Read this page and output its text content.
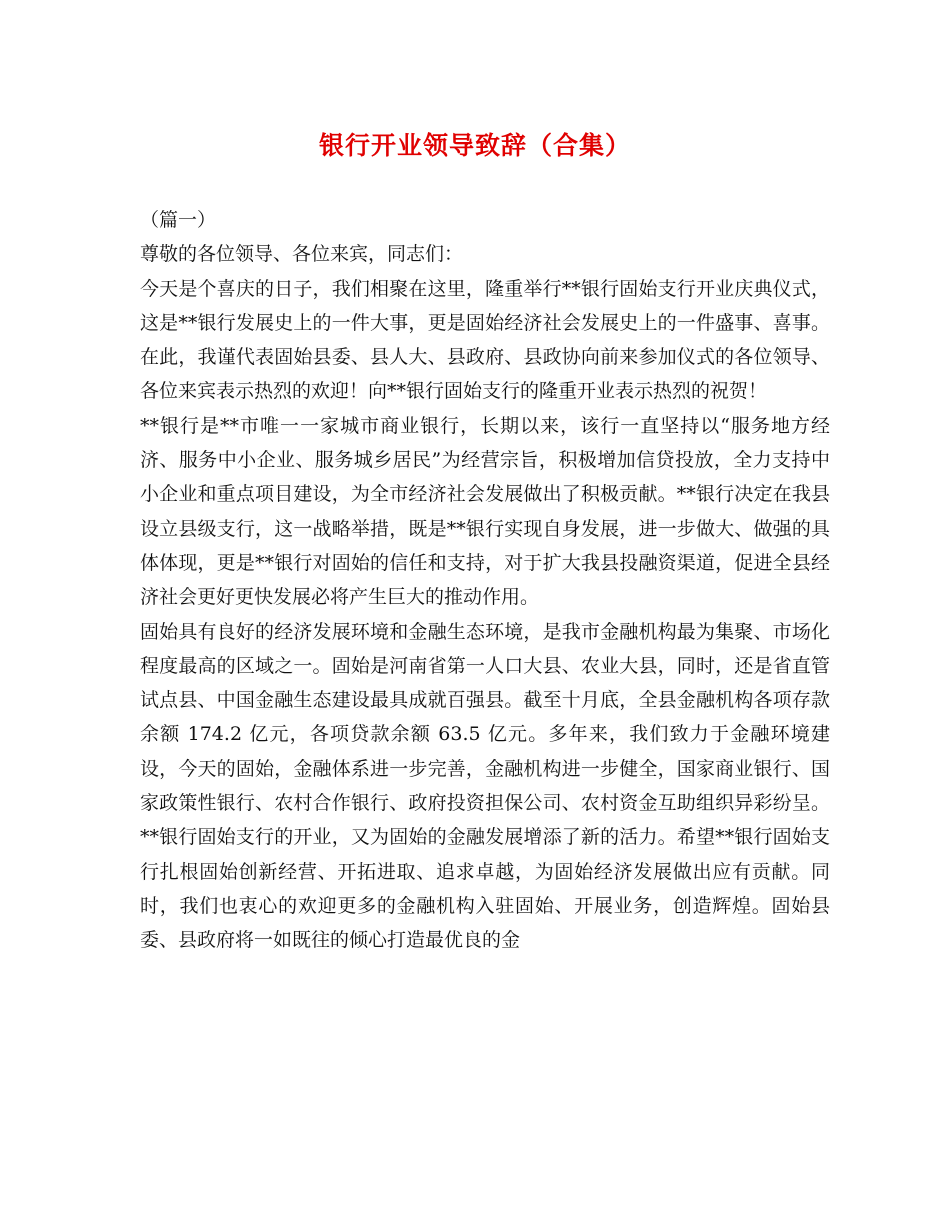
银行开业领导致辞（合集）

（篇一）

尊敬的各位领导、各位来宾，同志们：

今天是个喜庆的日子，我们相聚在这里，隆重举行**银行固始支行开业庆典仪式，这是**银行发展史上的一件大事，更是固始经济社会发展史上的一件盛事、喜事。在此，我谨代表固始县委、县人大、县政府、县政协向前来参加仪式的各位领导、各位来宾表示热烈的欢迎！向**银行固始支行的隆重开业表示热烈的祝贺！

**银行是**市唯一一家城市商业银行，长期以来，该行一直坚持以“服务地方经济、服务中小企业、服务城乡居民”为经营宗旨，积极增加信贷投放，全力支持中小企业和重点项目建设，为全市经济社会发展做出了积极贡献。**银行决定在我县设立县级支行，这一战略举措，既是**银行实现自身发展，进一步做大、做强的具体体现，更是**银行对固始的信任和支持，对于扩大我县投融资渠道，促进全县经济社会更好更快发展必将产生巨大的推动作用。

固始具有良好的经济发展环境和金融生态环境，是我市金融机构最为集聚、市场化程度最高的区域之一。固始是河南省第一人口大县、农业大县，同时，还是省直管试点县、中国金融生态建设最具成就百强县。截至十月底，全县金融机构各项存款余额 174.2 亿元，各项贷款余额 63.5 亿元。多年来，我们致力于金融环境建设，今天的固始，金融体系进一步完善，金融机构进一步健全，国家商业银行、国家政策性银行、农村合作银行、政府投资担保公司、农村资金互助组织异彩纷呈。**银行固始支行的开业，又为固始的金融发展增添了新的活力。希望**银行固始支行扎根固始创新经营、开拓进取、追求卓越，为固始经济发展做出应有贡献。同时，我们也衷心的欢迎更多的金融机构入驻固始、开展业务，创造辉煌。固始县委、县政府将一如既往的倾心打造最优良的金
